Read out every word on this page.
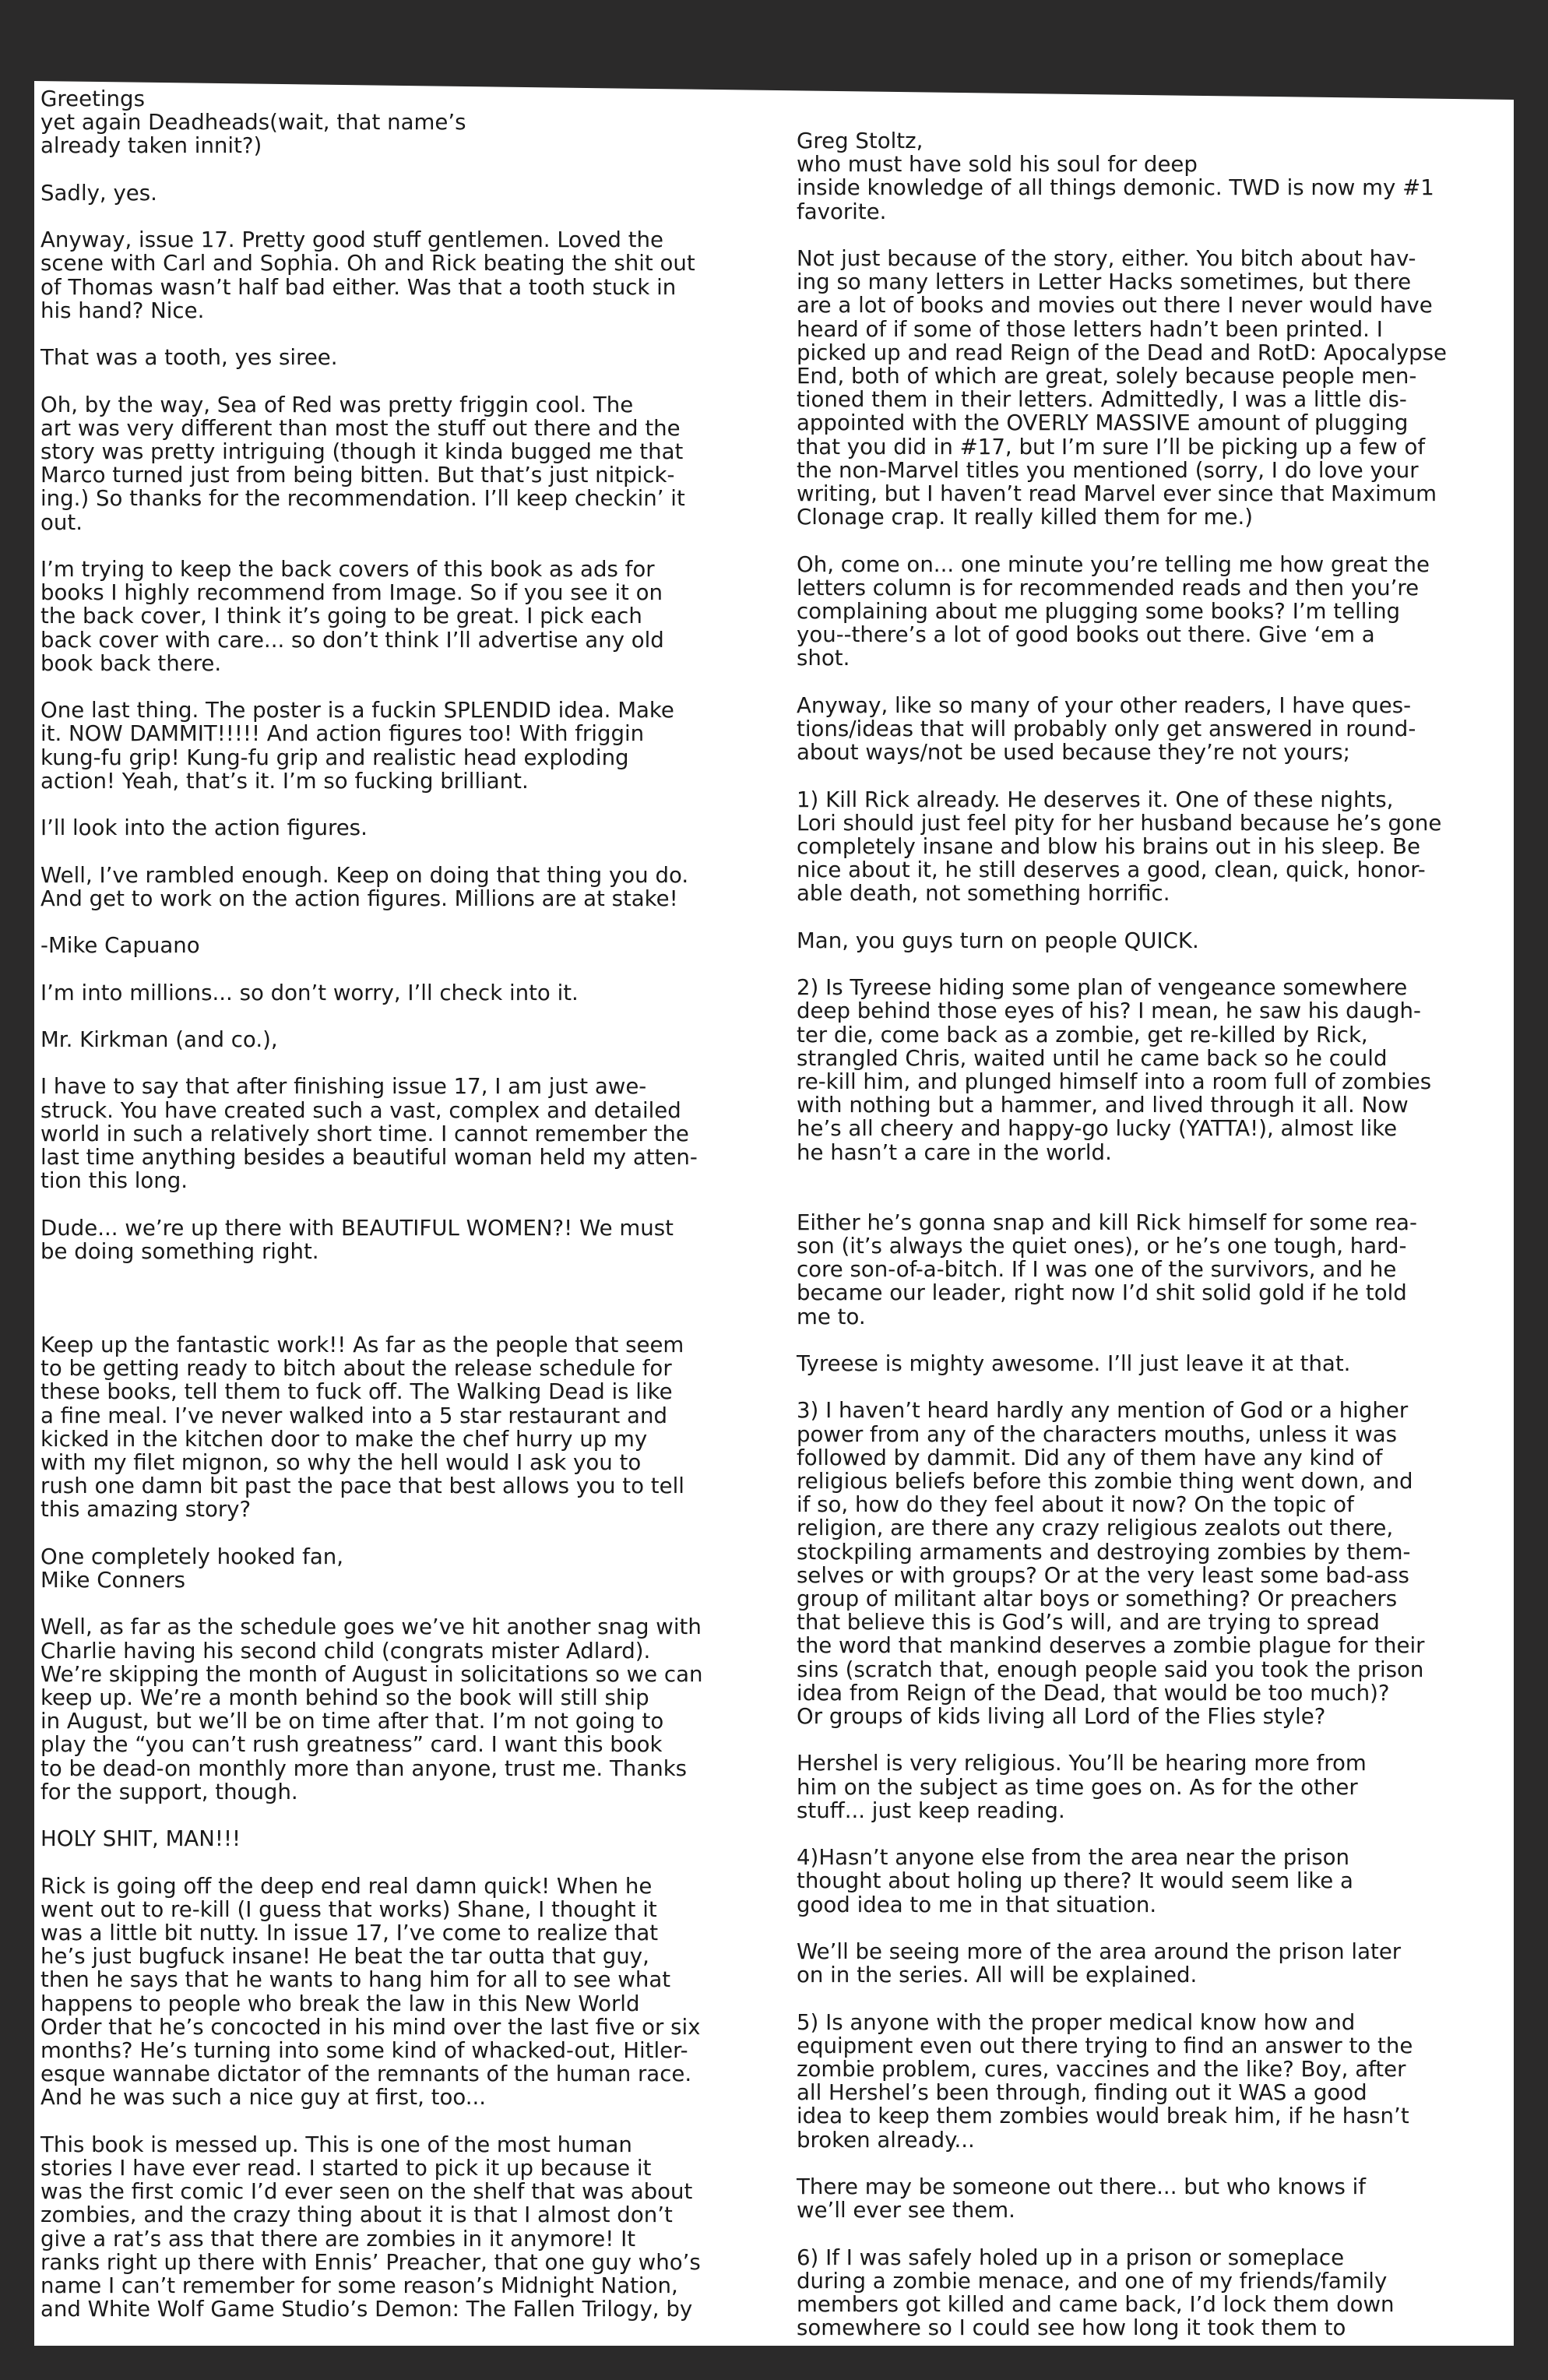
Greetings
yet again Deadheads(wait, that name’s
already taken innit?)

Sadly, yes.

Anyway, issue 17. Pretty good stuff gentlemen. Loved the
scene with Carl and Sophia. Oh and Rick beating the shit out
of Thomas wasn’t half bad either. Was that a tooth stuck in
his hand? Nice.

That was a tooth, yes siree.

Oh, by the way, Sea of Red was pretty friggin cool. The
art was very different than most the stuff out there and the
story was pretty intriguing (though it kinda bugged me that
Marco turned just from being bitten. But that’s just nitpick-
ing.) So thanks for the recommendation. I’ll keep checkin’ it
out.

I’m trying to keep the back covers of this book as ads for
books I highly recommend from Image. So if you see it on
the back cover, I think it’s going to be great. I pick each
back cover with care... so don’t think I’ll advertise any old
book back there.

One last thing. The poster is a fuckin SPLENDID idea. Make
it. NOW DAMMIT!!!!! And action figures too! With friggin
kung-fu grip! Kung-fu grip and realistic head exploding
action! Yeah, that’s it. I’m so fucking brilliant.

I’ll look into the action figures.

Well, I’ve rambled enough. Keep on doing that thing you do.
And get to work on the action figures. Millions are at stake!

-Mike Capuano

I’m into millions... so don’t worry, I’ll check into it.

Mr. Kirkman (and co.),

I have to say that after finishing issue 17, I am just awe-
struck. You have created such a vast, complex and detailed
world in such a relatively short time. I cannot remember the
last time anything besides a beautiful woman held my atten-
tion this long.

Dude... we’re up there with BEAUTIFUL WOMEN?! We must
be doing something right.

Keep up the fantastic work!! As far as the people that seem
to be getting ready to bitch about the release schedule for
these books, tell them to fuck off. The Walking Dead is like
a fine meal. I’ve never walked into a 5 star restaurant and
kicked in the kitchen door to make the chef hurry up my
with my filet mignon, so why the hell would I ask you to
rush one damn bit past the pace that best allows you to tell
this amazing story?

One completely hooked fan,
Mike Conners

Well, as far as the schedule goes we’ve hit another snag with
Charlie having his second child (congrats mister Adlard).
We’re skipping the month of August in solicitations so we can
keep up. We’re a month behind so the book will still ship
in August, but we’ll be on time after that. I’m not going to
play the “you can’t rush greatness” card. I want this book
to be dead-on monthly more than anyone, trust me. Thanks
for the support, though.

HOLY SHIT, MAN!!!

Rick is going off the deep end real damn quick! When he
went out to re-kill (I guess that works) Shane, I thought it
was a little bit nutty. In issue 17, I’ve come to realize that
he’s just bugfuck insane! He beat the tar outta that guy,
then he says that he wants to hang him for all to see what
happens to people who break the law in this New World
Order that he’s concocted in his mind over the last five or six
months? He’s turning into some kind of whacked-out, Hitler-
esque wannabe dictator of the remnants of the human race.
And he was such a nice guy at first, too...

This book is messed up. This is one of the most human
stories I have ever read. I started to pick it up because it
was the first comic I’d ever seen on the shelf that was about
zombies, and the crazy thing about it is that I almost don’t
give a rat’s ass that there are zombies in it anymore! It
ranks right up there with Ennis’ Preacher, that one guy who’s
name I can’t remember for some reason’s Midnight Nation,
and White Wolf Game Studio’s Demon: The Fallen Trilogy, by

Greg Stoltz,
who must have sold his soul for deep
inside knowledge of all things demonic. TWD is now my #1
favorite.

Not just because of the story, either. You bitch about hav-
ing so many letters in Letter Hacks sometimes, but there
are a lot of books and movies out there I never would have
heard of if some of those letters hadn’t been printed. I
picked up and read Reign of the Dead and RotD: Apocalypse
End, both of which are great, solely because people men-
tioned them in their letters. Admittedly, I was a little dis-
appointed with the OVERLY MASSIVE amount of plugging
that you did in #17, but I’m sure I’ll be picking up a few of
the non-Marvel titles you mentioned (sorry, I do love your
writing, but I haven’t read Marvel ever since that Maximum
Clonage crap. It really killed them for me.)

Oh, come on... one minute you’re telling me how great the
letters column is for recommended reads and then you’re
complaining about me plugging some books? I’m telling
you--there’s a lot of good books out there. Give ‘em a
shot.

Anyway, like so many of your other readers, I have ques-
tions/ideas that will probably only get answered in round-
about ways/not be used because they’re not yours;

1) Kill Rick already. He deserves it. One of these nights,
Lori should just feel pity for her husband because he’s gone
completely insane and blow his brains out in his sleep. Be
nice about it, he still deserves a good, clean, quick, honor-
able death, not something horrific.

Man, you guys turn on people QUICK.

2) Is Tyreese hiding some plan of vengeance somewhere
deep behind those eyes of his? I mean, he saw his daugh-
ter die, come back as a zombie, get re-killed by Rick,
strangled Chris, waited until he came back so he could
re-kill him, and plunged himself into a room full of zombies
with nothing but a hammer, and lived through it all. Now
he’s all cheery and happy-go lucky (YATTA!), almost like
he hasn’t a care in the world.

Either he’s gonna snap and kill Rick himself for some rea-
son (it’s always the quiet ones), or he’s one tough, hard-
core son-of-a-bitch. If I was one of the survivors, and he
became our leader, right now I’d shit solid gold if he told
me to.

Tyreese is mighty awesome. I’ll just leave it at that.

3) I haven’t heard hardly any mention of God or a higher
power from any of the characters mouths, unless it was
followed by dammit. Did any of them have any kind of
religious beliefs before this zombie thing went down, and
if so, how do they feel about it now? On the topic of
religion, are there any crazy religious zealots out there,
stockpiling armaments and destroying zombies by them-
selves or with groups? Or at the very least some bad-ass
group of militant altar boys or something? Or preachers
that believe this is God’s will, and are trying to spread
the word that mankind deserves a zombie plague for their
sins (scratch that, enough people said you took the prison
idea from Reign of the Dead, that would be too much)?
Or groups of kids living all Lord of the Flies style?

Hershel is very religious. You’ll be hearing more from
him on the subject as time goes on. As for the other
stuff... just keep reading.

4)Hasn’t anyone else from the area near the prison
thought about holing up there? It would seem like a
good idea to me in that situation.

We’ll be seeing more of the area around the prison later
on in the series. All will be explained.

5) Is anyone with the proper medical know how and
equipment even out there trying to find an answer to the
zombie problem, cures, vaccines and the like? Boy, after
all Hershel’s been through, finding out it WAS a good
idea to keep them zombies would break him, if he hasn’t
broken already...

There may be someone out there... but who knows if
we’ll ever see them.

6) If I was safely holed up in a prison or someplace
during a zombie menace, and one of my friends/family
members got killed and came back, I’d lock them down
somewhere so I could see how long it took them to
